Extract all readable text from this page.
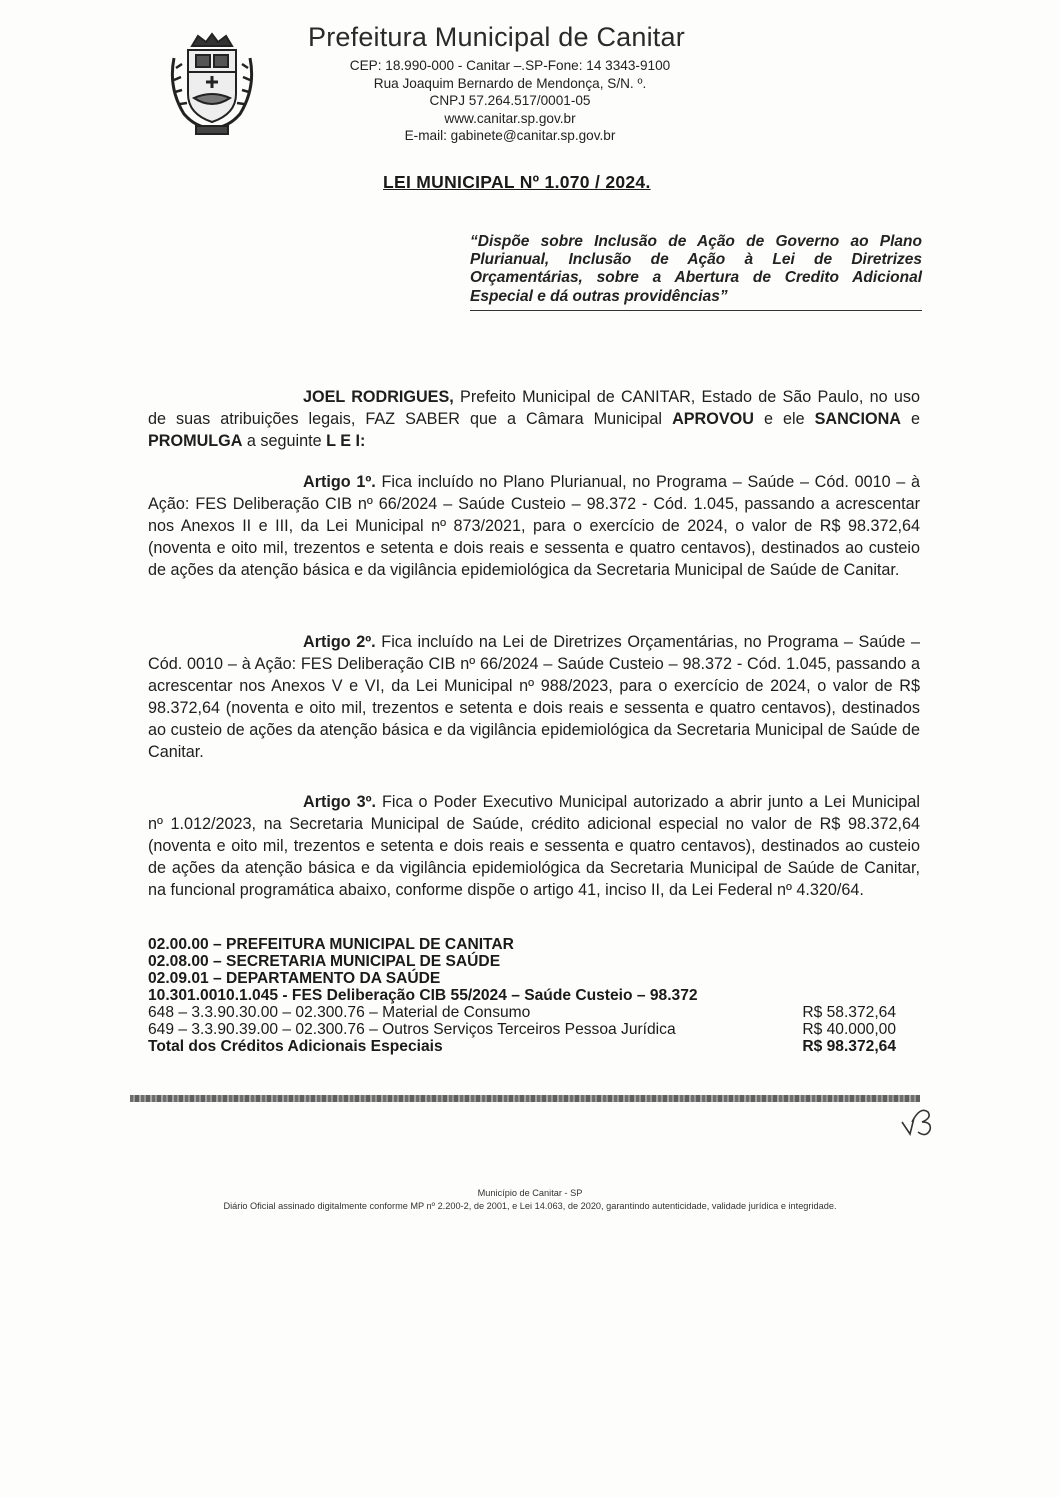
Prefeitura Municipal de Canitar
CEP: 18.990-000 - Canitar –.SP-Fone: 14 3343-9100
Rua Joaquim Bernardo de Mendonça, S/N. º.
CNPJ 57.264.517/0001-05
www.canitar.sp.gov.br
E-mail: gabinete@canitar.sp.gov.br
LEI MUNICIPAL Nº 1.070 / 2024.
“Dispõe sobre Inclusão de Ação de Governo ao Plano Plurianual, Inclusão de Ação à Lei de Diretrizes Orçamentárias, sobre a Abertura de Credito Adicional Especial e dá outras providências”
JOEL RODRIGUES, Prefeito Municipal de CANITAR, Estado de São Paulo, no uso de suas atribuições legais, FAZ SABER que a Câmara Municipal APROVOU e ele SANCIONA e PROMULGA a seguinte L E I:
Artigo 1º. Fica incluído no Plano Plurianual, no Programa – Saúde – Cód. 0010 – à Ação: FES Deliberação CIB nº 66/2024 – Saúde Custeio – 98.372 - Cód. 1.045, passando a acrescentar nos Anexos II e III, da Lei Municipal nº 873/2021, para o exercício de 2024, o valor de R$ 98.372,64 (noventa e oito mil, trezentos e setenta e dois reais e sessenta e quatro centavos), destinados ao custeio de ações da atenção básica e da vigilância epidemiológica da Secretaria Municipal de Saúde de Canitar.
Artigo 2º. Fica incluído na Lei de Diretrizes Orçamentárias, no Programa – Saúde – Cód. 0010 – à Ação: FES Deliberação CIB nº 66/2024 – Saúde Custeio – 98.372 - Cód. 1.045, passando a acrescentar nos Anexos V e VI, da Lei Municipal nº 988/2023, para o exercício de 2024, o valor de R$ 98.372,64 (noventa e oito mil, trezentos e setenta e dois reais e sessenta e quatro centavos), destinados ao custeio de ações da atenção básica e da vigilância epidemiológica da Secretaria Municipal de Saúde de Canitar.
Artigo 3º. Fica o Poder Executivo Municipal autorizado a abrir junto a Lei Municipal nº 1.012/2023, na Secretaria Municipal de Saúde, crédito adicional especial no valor de R$ 98.372,64 (noventa e oito mil, trezentos e setenta e dois reais e sessenta e quatro centavos), destinados ao custeio de ações da atenção básica e da vigilância epidemiológica da Secretaria Municipal de Saúde de Canitar, na funcional programática abaixo, conforme dispõe o artigo 41, inciso II, da Lei Federal nº 4.320/64.
02.00.00 – PREFEITURA MUNICIPAL DE CANITAR
02.08.00 – SECRETARIA MUNICIPAL DE SAÚDE
02.09.01 – DEPARTAMENTO DA SAÚDE
10.301.0010.1.045 - FES Deliberação CIB 55/2024 – Saúde Custeio – 98.372
648 – 3.3.90.30.00 – 02.300.76 – Material de Consumo	R$ 58.372,64
649 – 3.3.90.39.00 – 02.300.76 – Outros Serviços Terceiros Pessoa Jurídica	R$ 40.000,00
Total dos Créditos Adicionais Especiais	R$ 98.372,64
Município de Canitar - SP
Diário Oficial assinado digitalmente conforme MP nº 2.200-2, de 2001, e Lei 14.063, de 2020, garantindo autenticidade, validade jurídica e integridade.
